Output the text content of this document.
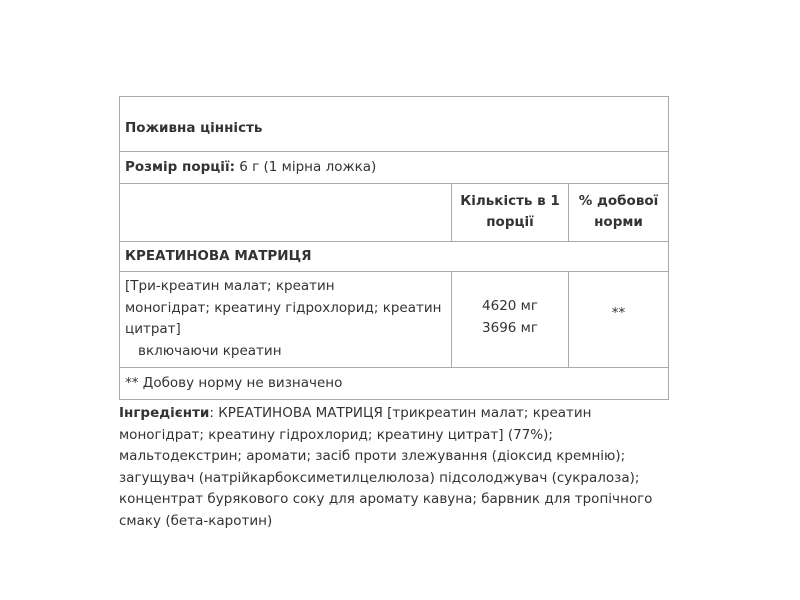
Поживна цінність
Розмір порції: 6 г (1 мірна ложка)
Кількість в 1
порції
% добової
норми
КРЕАТИНОВА МАТРИЦЯ
[Три-креатин малат; креатин
моногідрат; креатину гідрохлорид; креатин
цитрат]
включаючи креатин
4620 мг
3696 мг
**
** Добову норму не визначено
Інгредієнти: КРЕАТИНОВА МАТРИЦЯ [трикреатин малат; креатин моногідрат; креатину гідрохлорид; креатину цитрат] (77%); мальтодекстрин; аромати; засіб проти злежування (діоксид кремнію); загущувач (натрійкарбоксиметилцелюлоза) підсолоджувач (сукралоза); концентрат бурякового соку для аромату кавуна; барвник для тропічного смаку (бета-каротин)
